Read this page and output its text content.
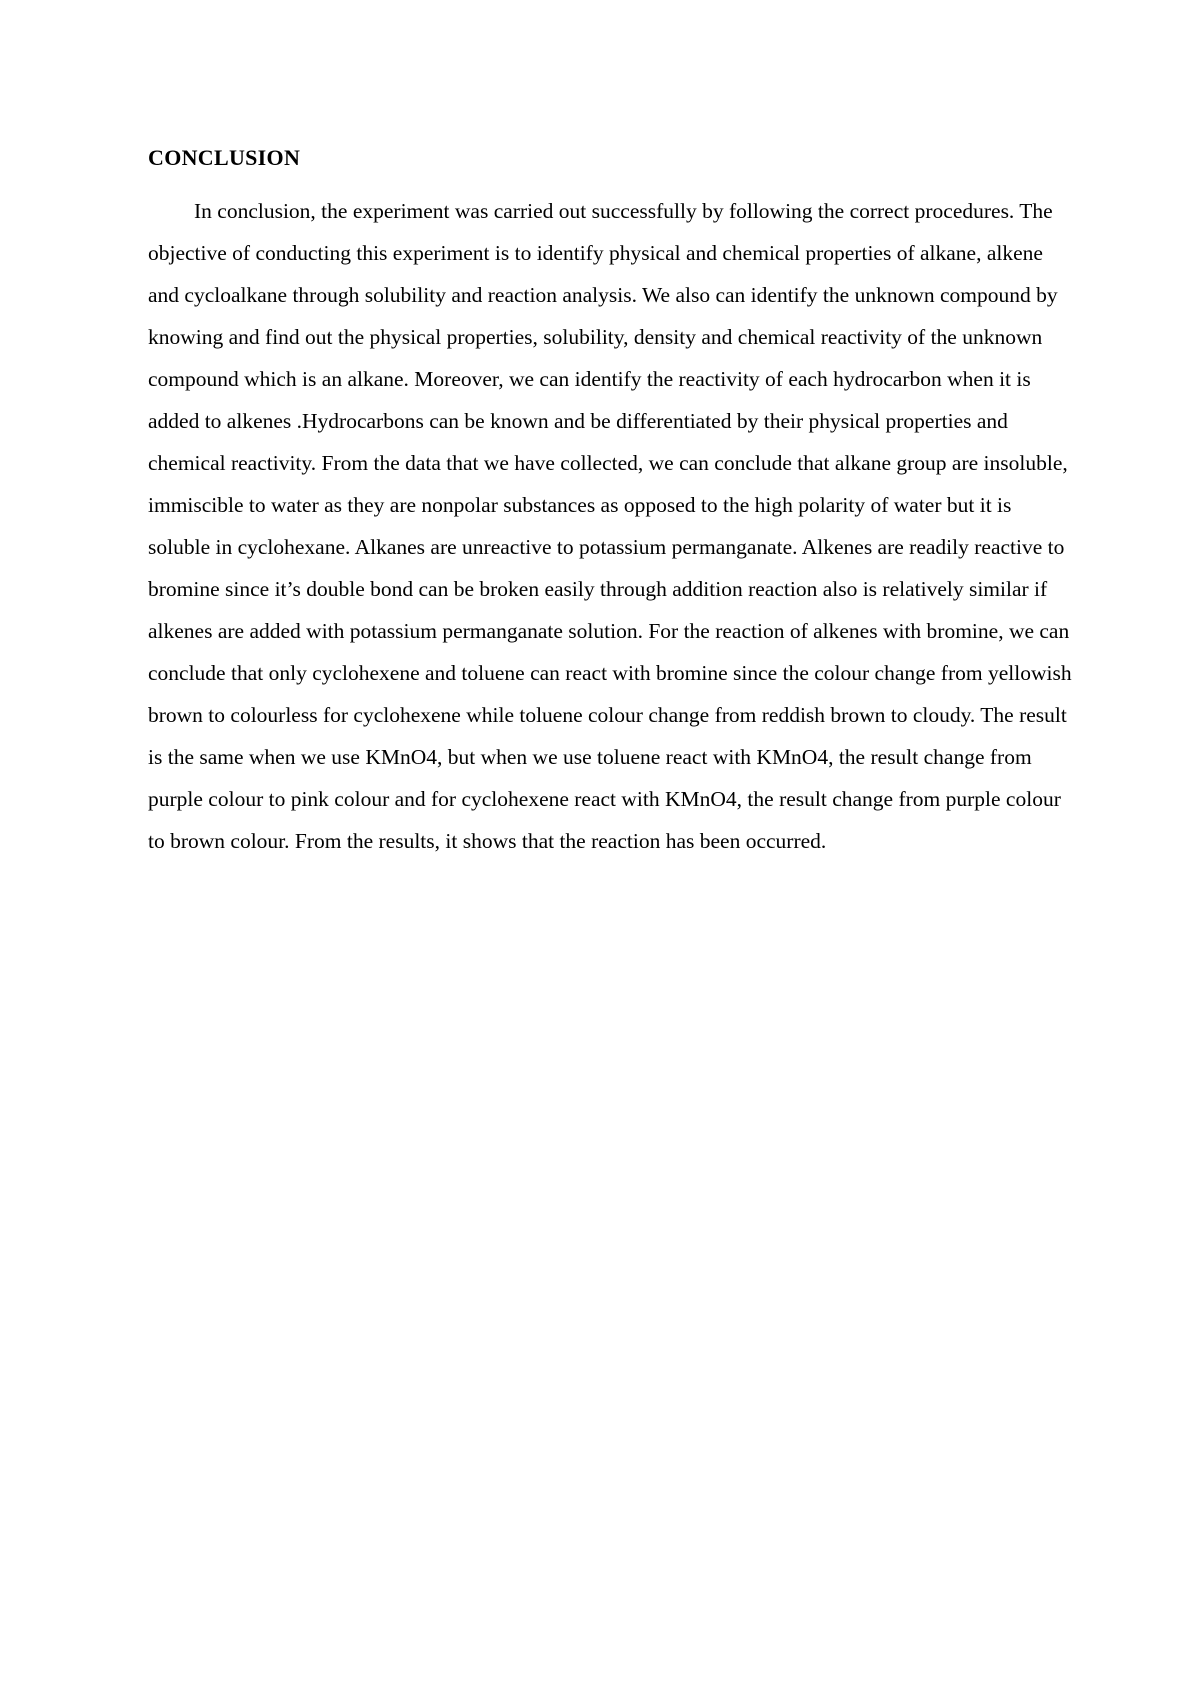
CONCLUSION

In conclusion, the experiment was carried out successfully by following the correct procedures. The objective of conducting this experiment is to identify physical and chemical properties of alkane, alkene and cycloalkane through solubility and reaction analysis. We also can identify the unknown compound by knowing and find out the physical properties, solubility, density and chemical reactivity of the unknown compound which is an alkane. Moreover, we can identify the reactivity of each hydrocarbon when it is added to alkenes .Hydrocarbons can be known and be differentiated by their physical properties and chemical reactivity. From the data that we have collected, we can conclude that alkane group are insoluble, immiscible to water as they are nonpolar substances as opposed to the high polarity of water but it is soluble in cyclohexane. Alkanes are unreactive to potassium permanganate. Alkenes are readily reactive to bromine since it’s double bond can be broken easily through addition reaction also is relatively similar if alkenes are added with potassium permanganate solution. For the reaction of alkenes with bromine, we can conclude that only cyclohexene and toluene can react with bromine since the colour change from yellowish brown to colourless for cyclohexene while toluene colour change from reddish brown to cloudy. The result is the same when we use KMnO4, but when we use toluene react with KMnO4, the result change from purple colour to pink colour and for cyclohexene react with KMnO4, the result change from purple colour to brown colour. From the results, it shows that the reaction has been occurred.
